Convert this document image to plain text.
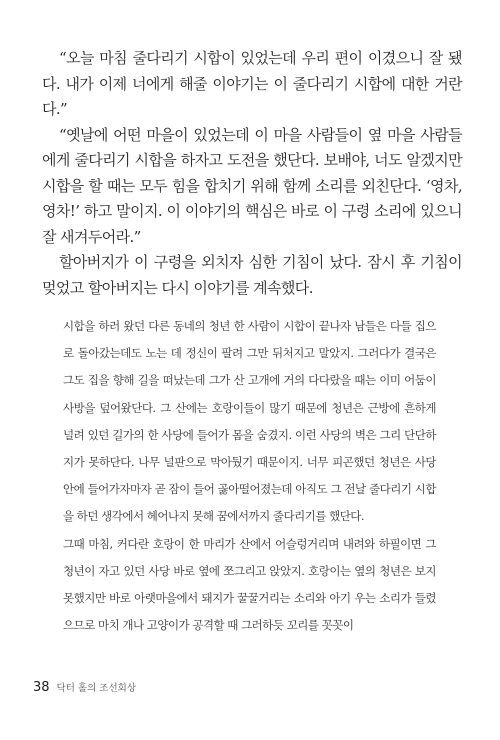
“오늘 마침 줄다리기 시합이 있었는데 우리 편이 이겼으니 잘 됐다. 내가 이제 너에게 해줄 이야기는 이 줄다리기 시합에 대한 거란다.”

“옛날에 어떤 마을이 있었는데 이 마을 사람들이 옆 마을 사람들에게 줄다리기 시합을 하자고 도전을 했단다. 보배야, 너도 알겠지만 시합을 할 때는 모두 힘을 합치기 위해 함께 소리를 외친단다. ‘영차, 영차!’ 하고 말이지. 이 이야기의 핵심은 바로 이 구령 소리에 있으니 잘 새겨두어라.”

할아버지가 이 구령을 외치자 심한 기침이 났다. 잠시 후 기침이 멎었고 할아버지는 다시 이야기를 계속했다.

시합을 하러 왔던 다른 동네의 청년 한 사람이 시합이 끝나자 남들은 다들 집으로 돌아갔는데도 노는 데 정신이 팔려 그만 뒤처지고 말았지. 그러다가 결국은 그도 집을 향해 길을 떠났는데 그가 산 고개에 거의 다다랐을 때는 이미 어둠이 사방을 덮어왔단다. 그 산에는 호랑이들이 많기 때문에 청년은 근방에 흔하게 널려 있던 길가의 한 사당에 들어가 몸을 숨겼지. 이런 사당의 벽은 그리 단단하지가 못하단다. 나무 널판으로 막아뒀기 때문이지. 너무 피곤했던 청년은 사당 안에 들어가자마자 곧 잠이 들어 곯아떨어졌는데 아직도 그 전날 줄다리기 시합을 하던 생각에서 헤어나지 못해 꿈에서까지 줄다리기를 했단다.

그때 마침, 커다란 호랑이 한 마리가 산에서 어슬렁거리며 내려와 하필이면 그 청년이 자고 있던 사당 바로 옆에 쪼그리고 앉았지. 호랑이는 옆의 청년은 보지 못했지만 바로 아랫마을에서 돼지가 꿀꿀거리는 소리와 아기 우는 소리가 들렸으므로 마치 개나 고양이가 공격할 때 그러하듯 꼬리를 꼿꼿이

38 닥터 홀의 조선회상
